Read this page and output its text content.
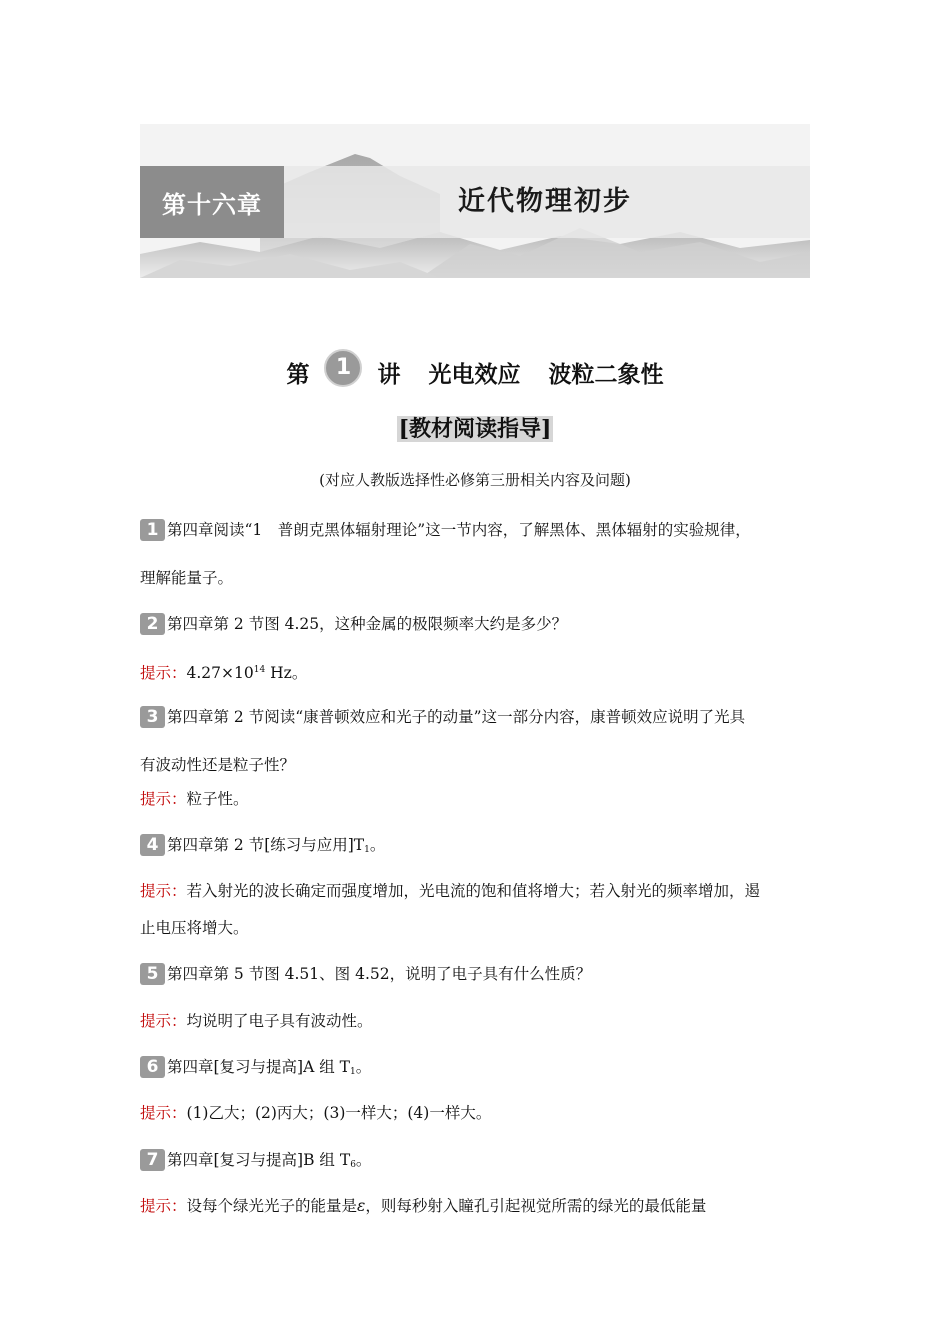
第十六章	近代物理初步
第	1	讲 光电效应 波粒二象性
[教材阅读指导]
(对应人教版选择性必修第三册相关内容及问题)
1 第四章阅读“1　普朗克黑体辐射理论”这一节内容，了解黑体、黑体辐射的实验规律，
理解能量子。
2 第四章第 2 节图 4.25，这种金属的极限频率大约是多少？
提示：$4.27\times 10^{14}$ Hz。
3 第四章第 2 节阅读“康普顿效应和光子的动量”这一部分内容，康普顿效应说明了光具
有波动性还是粒子性？
提示：粒子性。
4 第四章第 2 节[练习与应用]$T_1$。
提示：若入射光的波长确定而强度增加，光电流的饱和值将增大；若入射光的频率增加，遏
止电压将增大。
5 第四章第 5 节图 4.51、图 4.52，说明了电子具有什么性质？
提示：均说明了电子具有波动性。
6 第四章[复习与提高]A 组 $T_1$。
提示：(1)乙大；(2)丙大；(3)一样大；(4)一样大。
7 第四章[复习与提高]B 组 $T_6$。
提示：设每个绿光光子的能量是ε，则每秒射入瞳孔引起视觉所需的绿光的最低能量
